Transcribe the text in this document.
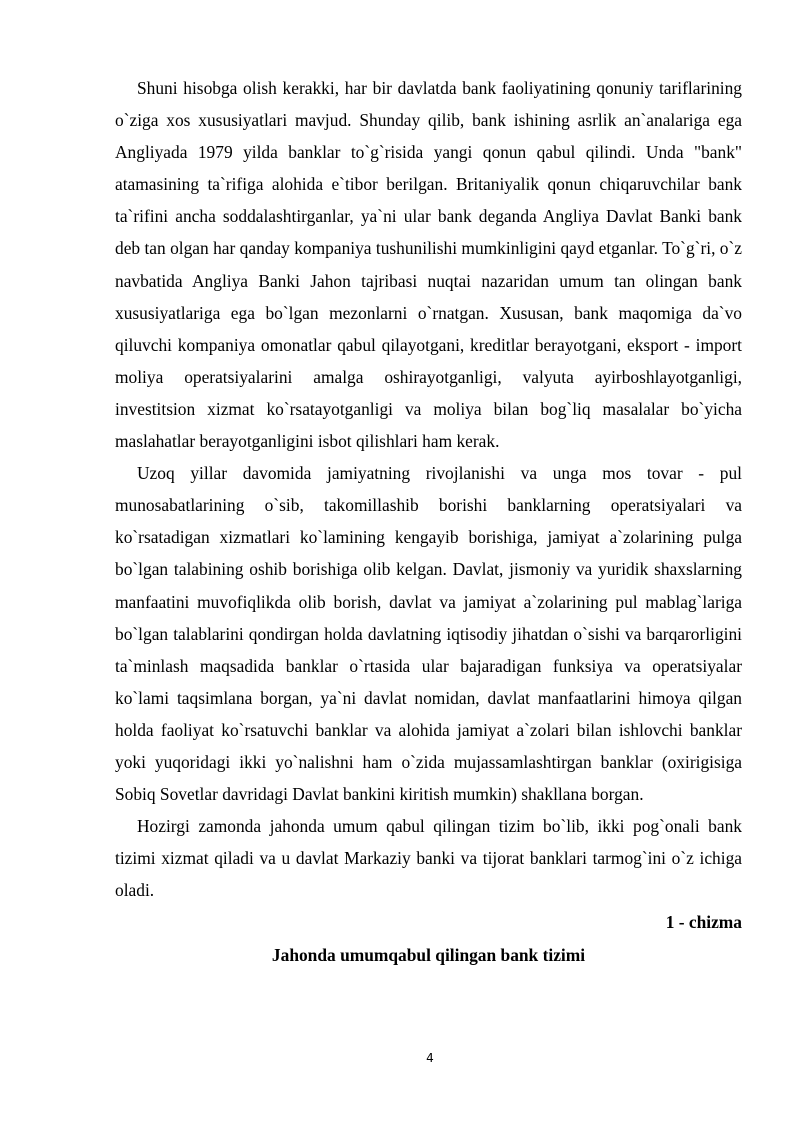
Shuni hisobga olish kerakki, har bir davlatda bank faoliyatining qonuniy tariflarining o`ziga xos xususiyatlari mavjud. Shunday qilib, bank ishining asrlik an`analariga ega Angliyada 1979 yilda banklar to`g`risida yangi qonun qabul qilindi. Unda "bank" atamasining ta`rifiga alohida e`tibor berilgan. Britaniyalik qonun chiqaruvchilar bank ta`rifini ancha soddalashtirganlar, ya`ni ular bank deganda Angliya Davlat Banki bank deb tan olgan har qanday kompaniya tushunilishi mumkinligini qayd etganlar. To`g`ri, o`z navbatida Angliya Banki Jahon tajribasi nuqtai nazaridan umum tan olingan bank xususiyatlariga ega bo`lgan mezonlarni o`rnatgan. Xususan, bank maqomiga da`vo qiluvchi kompaniya omonatlar qabul qilayotgani, kreditlar berayotgani, eksport - import moliya operatsiyalarini amalga oshirayotganligi, valyuta ayirboshlayotganligi, investitsion xizmat ko`rsatayotganligi va moliya bilan bog`liq masalalar bo`yicha maslahatlar berayotganligini isbot qilishlari ham kerak.

Uzoq yillar davomida jamiyatning rivojlanishi va unga mos tovar - pul munosabatlarining o`sib, takomillashib borishi banklarning operatsiyalari va ko`rsatadigan xizmatlari ko`lamining kengayib borishiga, jamiyat a`zolarining pulga bo`lgan talabining oshib borishiga olib kelgan. Davlat, jismoniy va yuridik shaxslarning manfaatini muvofiqlikda olib borish, davlat va jamiyat a`zolarining pul mablag`lariga bo`lgan talablarini qondirgan holda davlatning iqtisodiy jihatdan o`sishi va barqarorligini ta`minlash maqsadida banklar o`rtasida ular bajaradigan funksiya va operatsiyalar ko`lami taqsimlana borgan, ya`ni davlat nomidan, davlat manfaatlarini himoya qilgan holda faoliyat ko`rsatuvchi banklar va alohida jamiyat a`zolari bilan ishlovchi banklar yoki yuqoridagi ikki yo`nalishni ham o`zida mujassamlashtirgan banklar (oxirigisiga Sobiq Sovetlar davridagi Davlat bankini kiritish mumkin) shakllana borgan.

Hozirgi zamonda jahonda umum qabul qilingan tizim bo`lib, ikki pog`onali bank tizimi xizmat qiladi va u davlat Markaziy banki va tijorat banklari tarmog`ini o`z ichiga oladi.

1 - chizma

Jahonda umumqabul qilingan bank tizimi

4
